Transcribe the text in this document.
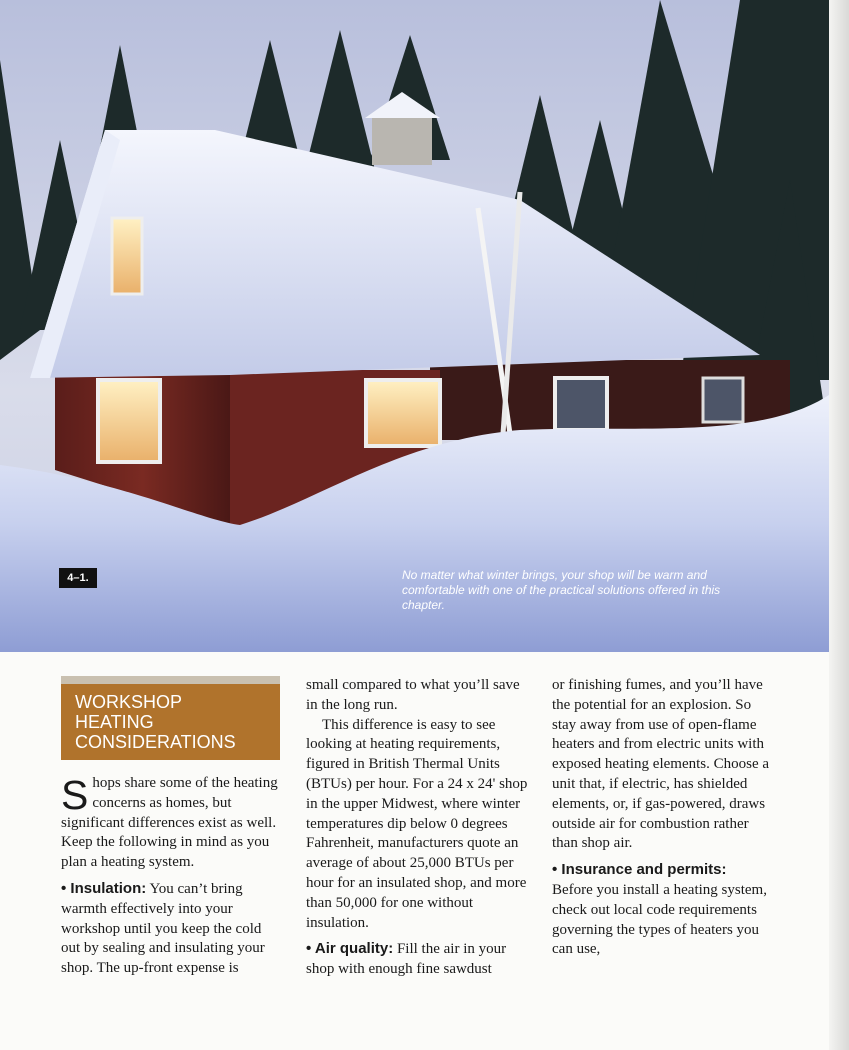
4–1.	No matter what winter brings, your shop will be warm and comfortable with one of the practical solutions offered in this chapter.
WORKSHOP
HEATING
CONSIDERATIONS

Shops share some of the heating concerns as homes, but significant differences exist as well. Keep the following in mind as you plan a heating system.

• Insulation: You can’t bring warmth effectively into your workshop until you keep the cold out by sealing and insulating your shop. The up-front expense is

small compared to what you’ll save in the long run.

This difference is easy to see looking at heating requirements, figured in British Thermal Units (BTUs) per hour. For a 24 x 24' shop in the upper Midwest, where winter temperatures dip below 0 degrees Fahrenheit, manufacturers quote an average of about 25,000 BTUs per hour for an insulated shop, and more than 50,000 for one without insulation.

• Air quality: Fill the air in your shop with enough fine sawdust

or finishing fumes, and you’ll have the potential for an explosion. So stay away from use of open-flame heaters and from electric units with exposed heating elements. Choose a unit that, if electric, has shielded elements, or, if gas-powered, draws outside air for combustion rather than shop air.

• Insurance and permits:

Before you install a heating system, check out local code requirements governing the types of heaters you can use,
